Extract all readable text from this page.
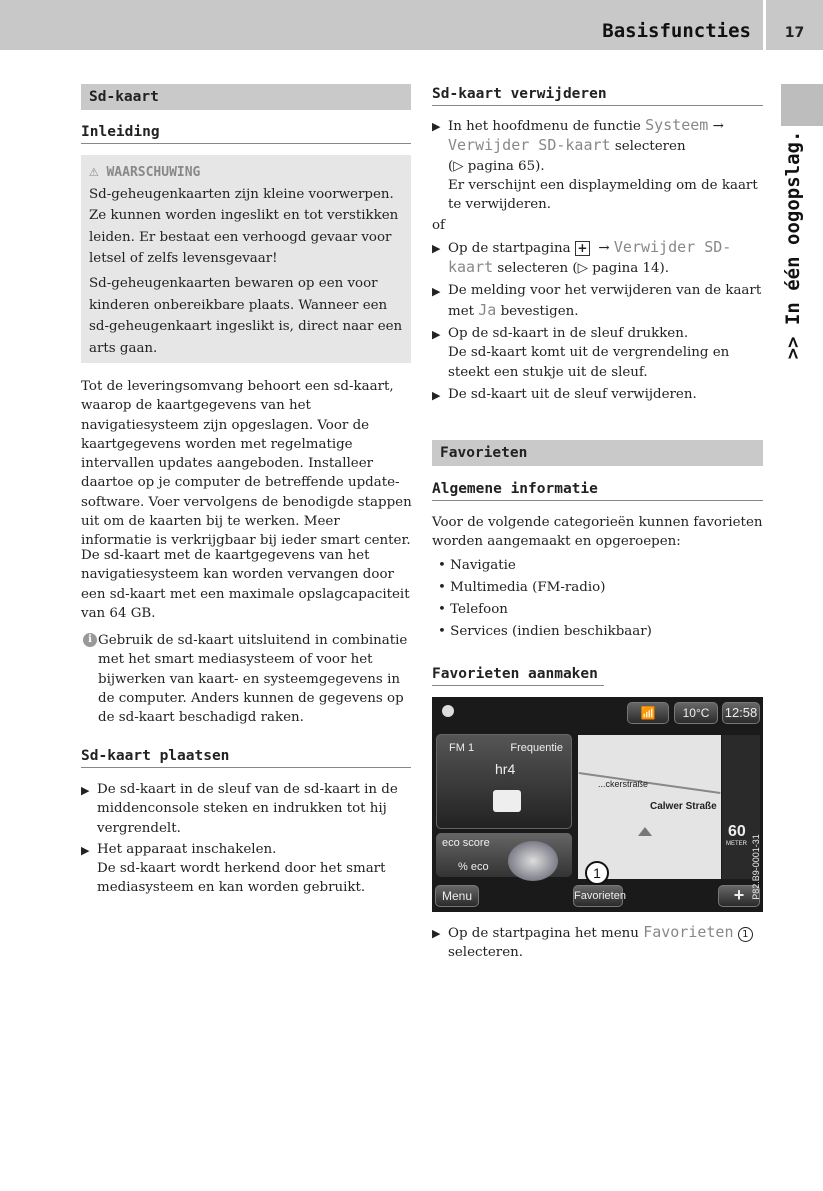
Basisfuncties	17
>> In één oogopslag.
Sd-kaart
Inleiding
⚠ WAARSCHUWING
Sd-geheugenkaarten zijn kleine voorwerpen. Ze kunnen worden ingeslikt en tot verstikken leiden. Er bestaat een verhoogd gevaar voor letsel of zelfs levensgevaar!
Sd-geheugenkaarten bewaren op een voor kinderen onbereikbare plaats. Wanneer een sd-geheugenkaart ingeslikt is, direct naar een arts gaan.
Tot de leveringsomvang behoort een sd-kaart, waarop de kaartgegevens van het navigatiesysteem zijn opgeslagen. Voor de kaartgegevens worden met regelmatige intervallen updates aangeboden. Installeer daartoe op je computer de betreffende update-software. Voer vervolgens de benodigde stappen uit om de kaarten bij te werken. Meer informatie is verkrijgbaar bij ieder smart center.
De sd-kaart met de kaartgegevens van het navigatiesysteem kan worden vervangen door een sd-kaart met een maximale opslagcapaciteit van 64 GB.
i Gebruik de sd-kaart uitsluitend in combinatie met het smart mediasysteem of voor het bijwerken van kaart- en systeemgegevens in de computer. Anders kunnen de gegevens op de sd-kaart beschadigd raken.
Sd-kaart plaatsen
▶ De sd-kaart in de sleuf van de sd-kaart in de middenconsole steken en indrukken tot hij vergrendelt.
▶ Het apparaat inschakelen.
De sd-kaart wordt herkend door het smart mediasysteem en kan worden gebruikt.
Sd-kaart verwijderen
▶ In het hoofdmenu de functie Systeem → Verwijder SD-kaart selecteren
(▷ pagina 65).
Er verschijnt een displaymelding om de kaart te verwijderen.
of
▶ Op de startpagina + → Verwijder SD-kaart selecteren (▷ pagina 14).
▶ De melding voor het verwijderen van de kaart met Ja bevestigen.
▶ Op de sd-kaart in de sleuf drukken.
De sd-kaart komt uit de vergrendeling en steekt een stukje uit de sleuf.
▶ De sd-kaart uit de sleuf verwijderen.
Favorieten
Algemene informatie
Voor de volgende categorieën kunnen favorieten worden aangemaakt en opgeroepen:
• Navigatie
• Multimedia (FM-radio)
• Telefoon
• Services (indien beschikbaar)
Favorieten aanmaken
📶	10°C	12:58
FM 1	Frequentie
hr4
eco score
% eco
...ckerstraße
Calwer Straße
60
METER
Menu	Favorieten
1
+ P82.B9-0001-31
▶ Op de startpagina het menu Favorieten 1
selecteren.
